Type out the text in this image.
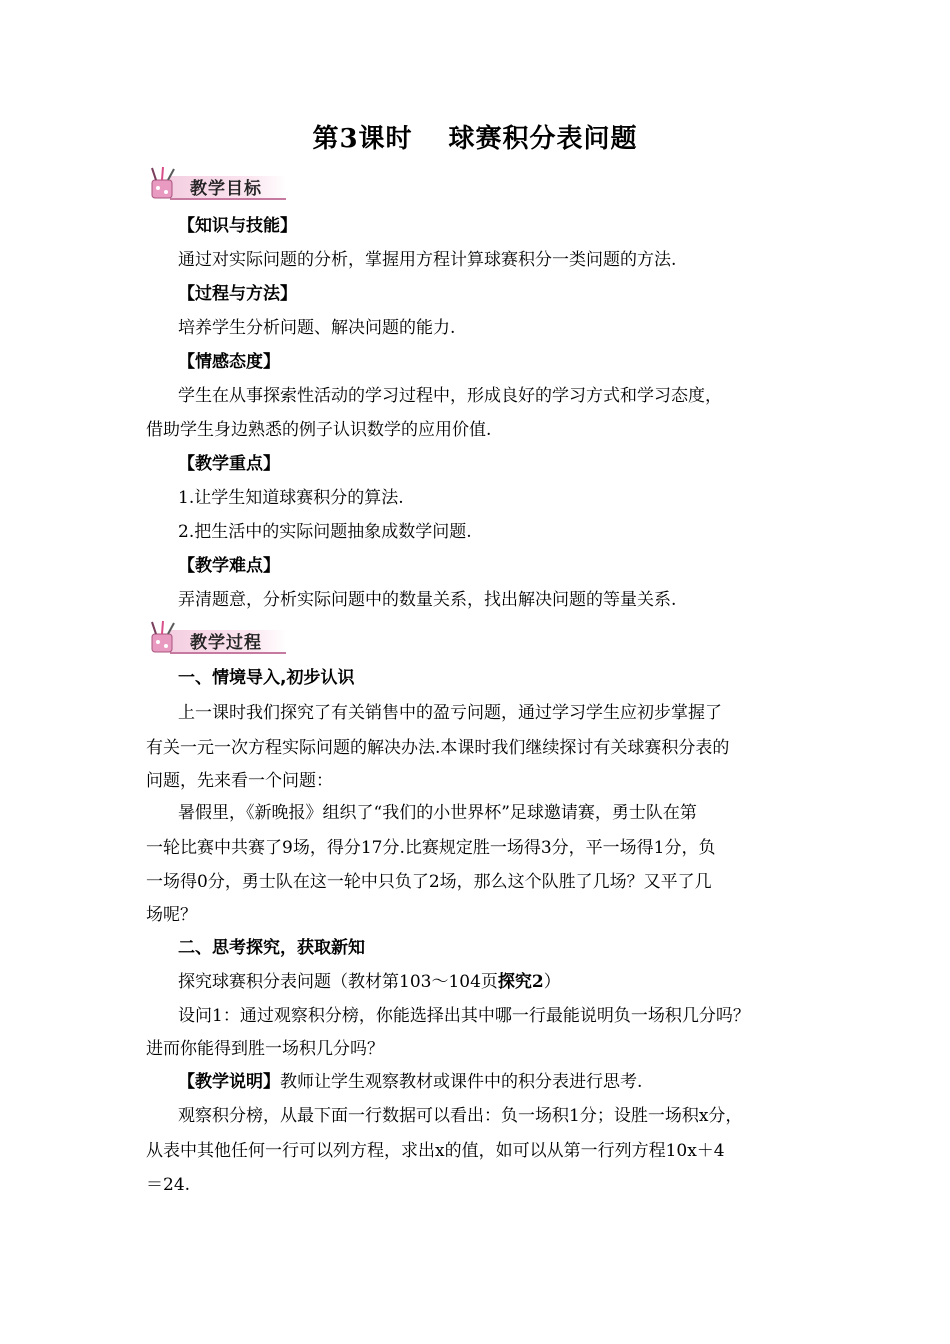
第3课时 球赛积分表问题
教学目标
【知识与技能】
通过对实际问题的分析，掌握用方程计算球赛积分一类问题的方法.
【过程与方法】
培养学生分析问题、解决问题的能力.
【情感态度】
学生在从事探索性活动的学习过程中，形成良好的学习方式和学习态度，
借助学生身边熟悉的例子认识数学的应用价值.
【教学重点】
1.让学生知道球赛积分的算法.
2.把生活中的实际问题抽象成数学问题.
【教学难点】
弄清题意，分析实际问题中的数量关系，找出解决问题的等量关系.
教学过程
一、情境导入,初步认识
上一课时我们探究了有关销售中的盈亏问题，通过学习学生应初步掌握了
有关一元一次方程实际问题的解决办法.本课时我们继续探讨有关球赛积分表的
问题，先来看一个问题：
暑假里，《新晚报》组织了“我们的小世界杯”足球邀请赛，勇士队在第
一轮比赛中共赛了9场，得分17分.比赛规定胜一场得3分，平一场得1分，负
一场得0分，勇士队在这一轮中只负了2场，那么这个队胜了几场？又平了几
场呢？
二、思考探究，获取新知
探究球赛积分表问题（教材第103～104页探究2）
设问1：通过观察积分榜，你能选择出其中哪一行最能说明负一场积几分吗？
进而你能得到胜一场积几分吗？
【教学说明】教师让学生观察教材或课件中的积分表进行思考.
观察积分榜，从最下面一行数据可以看出：负一场积1分；设胜一场积x分，
从表中其他任何一行可以列方程，求出x的值，如可以从第一行列方程10x＋4
＝24.
